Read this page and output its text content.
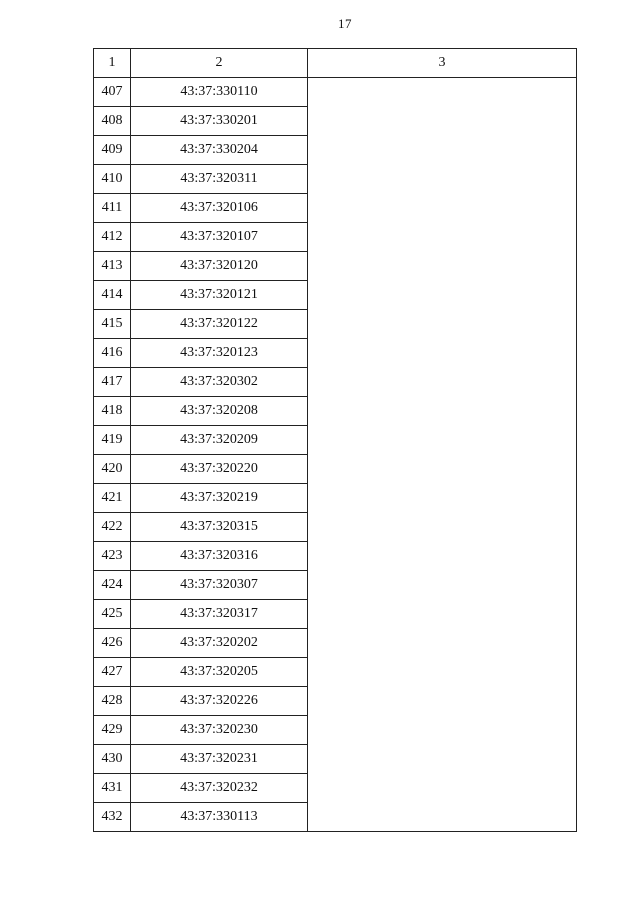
17
1	2	3
407	43:37:330110	
408	43:37:330201	
409	43:37:330204	
410	43:37:320311	
411	43:37:320106	
412	43:37:320107	
413	43:37:320120	
414	43:37:320121	
415	43:37:320122	
416	43:37:320123	
417	43:37:320302	
418	43:37:320208	
419	43:37:320209	
420	43:37:320220	
421	43:37:320219	
422	43:37:320315	
423	43:37:320316	
424	43:37:320307	
425	43:37:320317	
426	43:37:320202	
427	43:37:320205	
428	43:37:320226	
429	43:37:320230	
430	43:37:320231	
431	43:37:320232	
432	43:37:330113	
